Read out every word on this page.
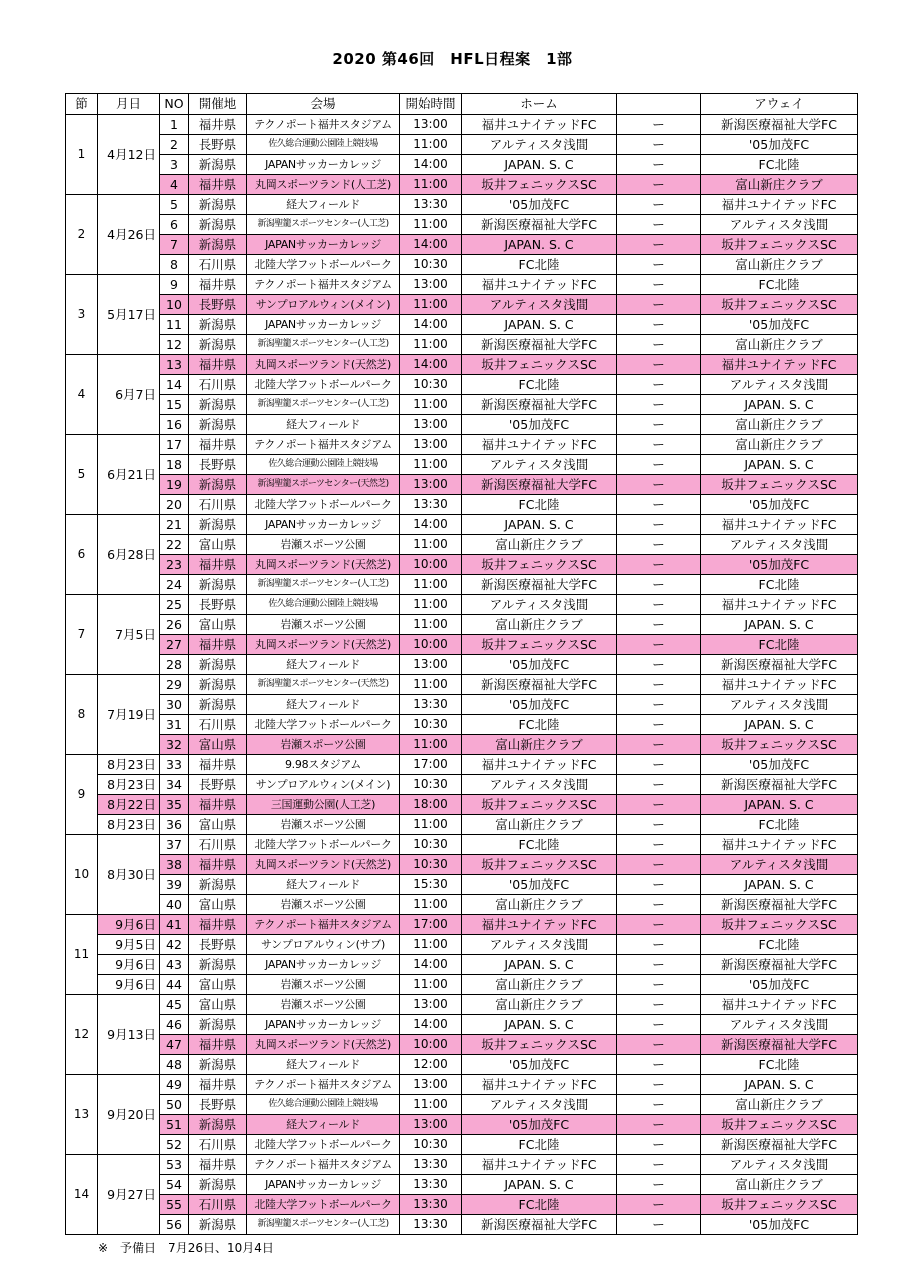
2020 第46回　HFL日程案　1部
節	月日	NO	開催地	会場	開始時間	ホーム		アウェイ
1	4月12日	1	福井県	テクノポート福井スタジアム	13:00	福井ユナイテッドFC	ー	新潟医療福祉大学FC
		2	長野県	佐久総合運動公園陸上競技場	11:00	アルティスタ浅間	ー	'05加茂FC
		3	新潟県	JAPANサッカーカレッジ	14:00	JAPAN. S. C	ー	FC北陸
		4	福井県	丸岡スポーツランド(人工芝)	11:00	坂井フェニックスSC	ー	富山新庄クラブ
2	4月26日	5	新潟県	経大フィールド	13:30	'05加茂FC	ー	福井ユナイテッドFC
		6	新潟県	新潟聖籠スポーツセンター(人工芝)	11:00	新潟医療福祉大学FC	ー	アルティスタ浅間
		7	新潟県	JAPANサッカーカレッジ	14:00	JAPAN. S. C	ー	坂井フェニックスSC
		8	石川県	北陸大学フットボールパーク	10:30	FC北陸	ー	富山新庄クラブ
3	5月17日	9	福井県	テクノポート福井スタジアム	13:00	福井ユナイテッドFC	ー	FC北陸
		10	長野県	サンプロアルウィン(メイン)	11:00	アルティスタ浅間	ー	坂井フェニックスSC
		11	新潟県	JAPANサッカーカレッジ	14:00	JAPAN. S. C	ー	'05加茂FC
		12	新潟県	新潟聖籠スポーツセンター(人工芝)	11:00	新潟医療福祉大学FC	ー	富山新庄クラブ
4	6月7日	13	福井県	丸岡スポーツランド(天然芝)	14:00	坂井フェニックスSC	ー	福井ユナイテッドFC
		14	石川県	北陸大学フットボールパーク	10:30	FC北陸	ー	アルティスタ浅間
		15	新潟県	新潟聖籠スポーツセンター(人工芝)	11:00	新潟医療福祉大学FC	ー	JAPAN. S. C
		16	新潟県	経大フィールド	13:00	'05加茂FC	ー	富山新庄クラブ
5	6月21日	17	福井県	テクノポート福井スタジアム	13:00	福井ユナイテッドFC	ー	富山新庄クラブ
		18	長野県	佐久総合運動公園陸上競技場	11:00	アルティスタ浅間	ー	JAPAN. S. C
		19	新潟県	新潟聖籠スポーツセンター(天然芝)	13:00	新潟医療福祉大学FC	ー	坂井フェニックスSC
		20	石川県	北陸大学フットボールパーク	13:30	FC北陸	ー	'05加茂FC
6	6月28日	21	新潟県	JAPANサッカーカレッジ	14:00	JAPAN. S. C	ー	福井ユナイテッドFC
		22	富山県	岩瀬スポーツ公園	11:00	富山新庄クラブ	ー	アルティスタ浅間
		23	福井県	丸岡スポーツランド(天然芝)	10:00	坂井フェニックスSC	ー	'05加茂FC
		24	新潟県	新潟聖籠スポーツセンター(人工芝)	11:00	新潟医療福祉大学FC	ー	FC北陸
7	7月5日	25	長野県	佐久総合運動公園陸上競技場	11:00	アルティスタ浅間	ー	福井ユナイテッドFC
		26	富山県	岩瀬スポーツ公園	11:00	富山新庄クラブ	ー	JAPAN. S. C
		27	福井県	丸岡スポーツランド(天然芝)	10:00	坂井フェニックスSC	ー	FC北陸
		28	新潟県	経大フィールド	13:00	'05加茂FC	ー	新潟医療福祉大学FC
8	7月19日	29	新潟県	新潟聖籠スポーツセンター(天然芝)	11:00	新潟医療福祉大学FC	ー	福井ユナイテッドFC
		30	新潟県	経大フィールド	13:30	'05加茂FC	ー	アルティスタ浅間
		31	石川県	北陸大学フットボールパーク	10:30	FC北陸	ー	JAPAN. S. C
		32	富山県	岩瀬スポーツ公園	11:00	富山新庄クラブ	ー	坂井フェニックスSC
9	8月23日	33	福井県	9.98スタジアム	17:00	福井ユナイテッドFC	ー	'05加茂FC
	8月23日	34	長野県	サンプロアルウィン(メイン)	10:30	アルティスタ浅間	ー	新潟医療福祉大学FC
	8月22日	35	福井県	三国運動公園(人工芝)	18:00	坂井フェニックスSC	ー	JAPAN. S. C
	8月23日	36	富山県	岩瀬スポーツ公園	11:00	富山新庄クラブ	ー	FC北陸
10	8月30日	37	石川県	北陸大学フットボールパーク	10:30	FC北陸	ー	福井ユナイテッドFC
		38	福井県	丸岡スポーツランド(天然芝)	10:30	坂井フェニックスSC	ー	アルティスタ浅間
		39	新潟県	経大フィールド	15:30	'05加茂FC	ー	JAPAN. S. C
		40	富山県	岩瀬スポーツ公園	11:00	富山新庄クラブ	ー	新潟医療福祉大学FC
11	9月6日	41	福井県	テクノポート福井スタジアム	17:00	福井ユナイテッドFC	ー	坂井フェニックスSC
	9月5日	42	長野県	サンプロアルウィン(サブ)	11:00	アルティスタ浅間	ー	FC北陸
	9月6日	43	新潟県	JAPANサッカーカレッジ	14:00	JAPAN. S. C	ー	新潟医療福祉大学FC
	9月6日	44	富山県	岩瀬スポーツ公園	11:00	富山新庄クラブ	ー	'05加茂FC
12	9月13日	45	富山県	岩瀬スポーツ公園	13:00	富山新庄クラブ	ー	福井ユナイテッドFC
		46	新潟県	JAPANサッカーカレッジ	14:00	JAPAN. S. C	ー	アルティスタ浅間
		47	福井県	丸岡スポーツランド(天然芝)	10:00	坂井フェニックスSC	ー	新潟医療福祉大学FC
		48	新潟県	経大フィールド	12:00	'05加茂FC	ー	FC北陸
13	9月20日	49	福井県	テクノポート福井スタジアム	13:00	福井ユナイテッドFC	ー	JAPAN. S. C
		50	長野県	佐久総合運動公園陸上競技場	11:00	アルティスタ浅間	ー	富山新庄クラブ
		51	新潟県	経大フィールド	13:00	'05加茂FC	ー	坂井フェニックスSC
		52	石川県	北陸大学フットボールパーク	10:30	FC北陸	ー	新潟医療福祉大学FC
14	9月27日	53	福井県	テクノポート福井スタジアム	13:30	福井ユナイテッドFC	ー	アルティスタ浅間
		54	新潟県	JAPANサッカーカレッジ	13:30	JAPAN. S. C	ー	富山新庄クラブ
		55	石川県	北陸大学フットボールパーク	13:30	FC北陸	ー	坂井フェニックスSC
		56	新潟県	新潟聖籠スポーツセンター(人工芝)	13:30	新潟医療福祉大学FC	ー	'05加茂FC
※　予備日　7月26日、10月4日
